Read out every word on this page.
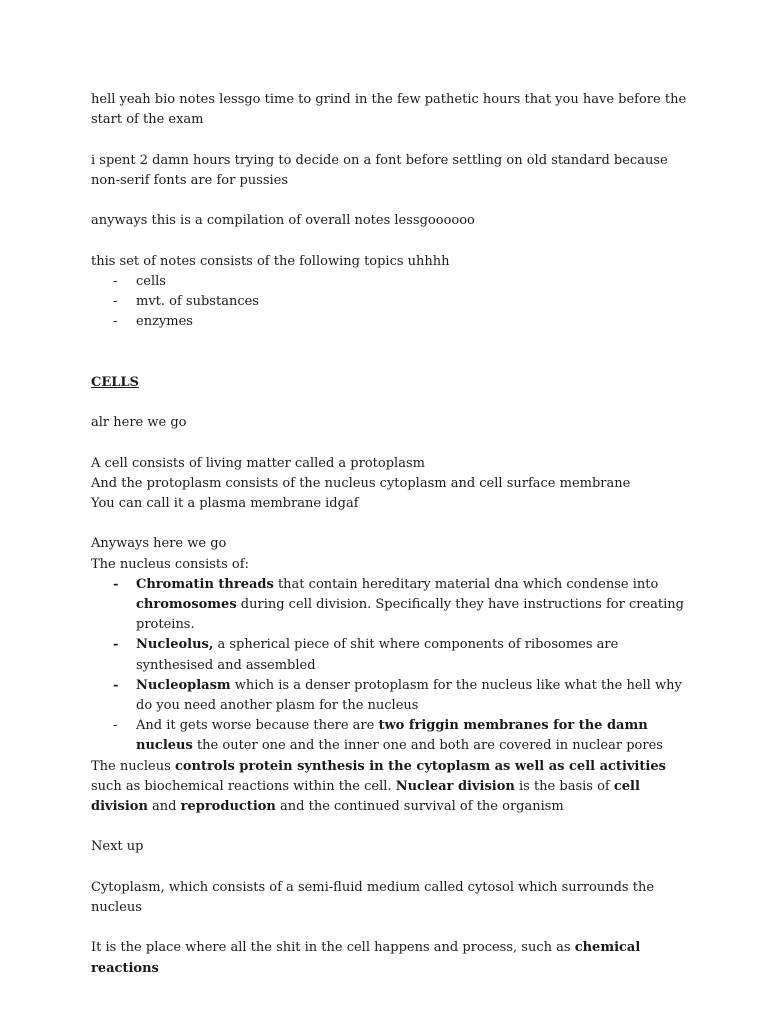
hell yeah bio notes lessgo time to grind in the few pathetic hours that you have before the start of the exam

i spent 2 damn hours trying to decide on a font before settling on old standard because non-serif fonts are for pussies

anyways this is a compilation of overall notes lessgoooooo

this set of notes consists of the following topics uhhhh

- cells
- mvt. of substances
- enzymes

CELLS

alr here we go

A cell consists of living matter called a protoplasm

And the protoplasm consists of the nucleus cytoplasm and cell surface membrane

You can call it a plasma membrane idgaf

Anyways here we go

The nucleus consists of:

- Chromatin threads that contain hereditary material dna which condense into chromosomes during cell division. Specifically they have instructions for creating proteins.
- Nucleolus, a spherical piece of shit where components of ribosomes are synthesised and assembled
- Nucleoplasm which is a denser protoplasm for the nucleus like what the hell why do you need another plasm for the nucleus
- And it gets worse because there are two friggin membranes for the damn nucleus the outer one and the inner one and both are covered in nuclear pores

The nucleus controls protein synthesis in the cytoplasm as well as cell activities such as biochemical reactions within the cell. Nuclear division is the basis of cell division and reproduction and the continued survival of the organism

Next up

Cytoplasm, which consists of a semi-fluid medium called cytosol which surrounds the nucleus

It is the place where all the shit in the cell happens and process, such as chemical reactions
